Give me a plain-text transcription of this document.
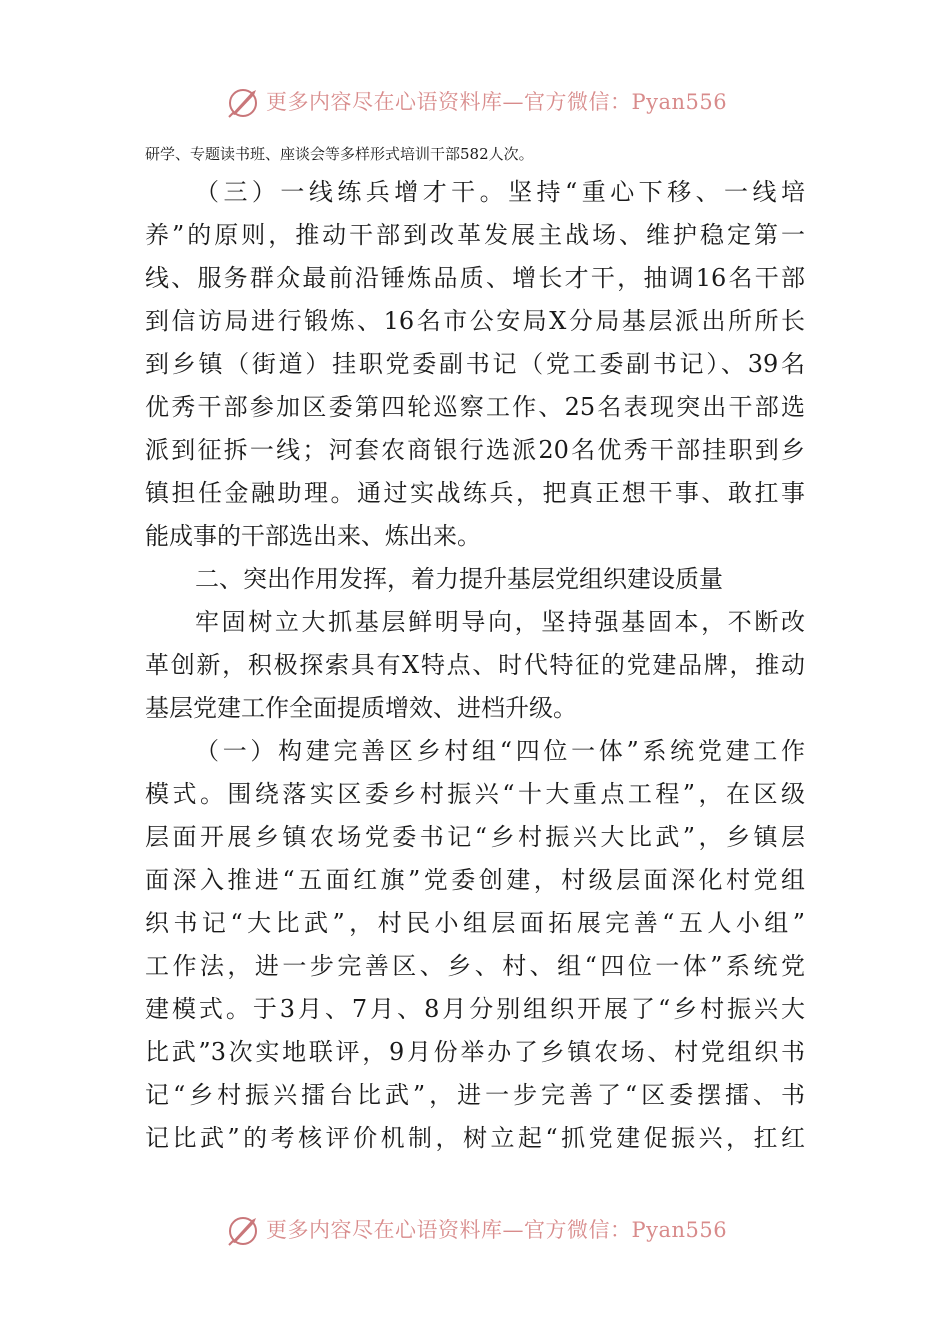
更多内容尽在心语资料库—官方微信：Pyan556
研学、专题读书班、座谈会等多样形式培训干部582人次。
（三）一线练兵增才干。坚持“重心下移、一线培
养”的原则，推动干部到改革发展主战场、维护稳定第一
线、服务群众最前沿锤炼品质、增长才干，抽调16名干部
到信访局进行锻炼、16名市公安局X分局基层派出所所长
到乡镇（街道）挂职党委副书记（党工委副书记）、39名
优秀干部参加区委第四轮巡察工作、25名表现突出干部选
派到征拆一线；河套农商银行选派20名优秀干部挂职到乡
镇担任金融助理。通过实战练兵，把真正想干事、敢扛事
能成事的干部选出来、炼出来。
二、突出作用发挥，着力提升基层党组织建设质量
牢固树立大抓基层鲜明导向，坚持强基固本，不断改
革创新，积极探索具有X特点、时代特征的党建品牌，推动
基层党建工作全面提质增效、进档升级。
（一）构建完善区乡村组“四位一体”系统党建工作
模式。围绕落实区委乡村振兴“十大重点工程”，在区级
层面开展乡镇农场党委书记“乡村振兴大比武”，乡镇层
面深入推进“五面红旗”党委创建，村级层面深化村党组
织书记“大比武”，村民小组层面拓展完善“五人小组”
工作法，进一步完善区、乡、村、组“四位一体”系统党
建模式。于3月、7月、8月分别组织开展了“乡村振兴大
比武”3次实地联评，9月份举办了乡镇农场、村党组织书
记“乡村振兴擂台比武”，进一步完善了“区委摆擂、书
记比武”的考核评价机制，树立起“抓党建促振兴，扛红
更多内容尽在心语资料库—官方微信：Pyan556
